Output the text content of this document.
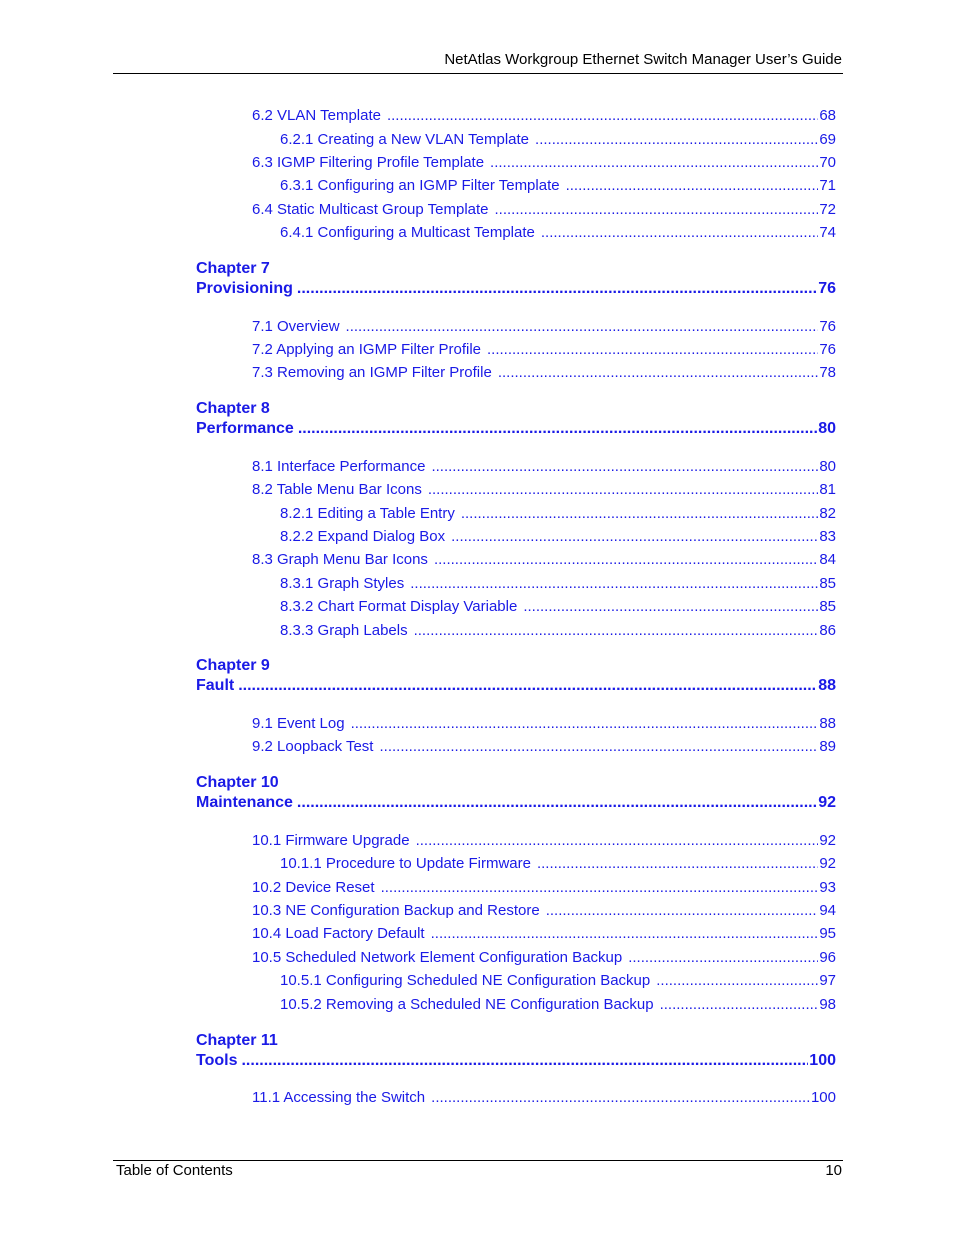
NetAtlas Workgroup Ethernet Switch Manager User’s Guide
6.2 VLAN Template .....	68
6.2.1 Creating a New VLAN Template .....	69
6.3 IGMP Filtering Profile Template .....	70
6.3.1 Configuring an IGMP Filter Template .....	71
6.4 Static Multicast Group Template .....	72
6.4.1 Configuring a Multicast Template .....	74
Chapter 7
Provisioning .....	76
7.1 Overview .....	76
7.2 Applying an IGMP Filter Profile .....	76
7.3 Removing an IGMP Filter Profile .....	78
Chapter 8
Performance .....	80
8.1 Interface Performance .....	80
8.2 Table Menu Bar Icons .....	81
8.2.1 Editing a Table Entry .....	82
8.2.2 Expand Dialog Box .....	83
8.3 Graph Menu Bar Icons .....	84
8.3.1 Graph Styles .....	85
8.3.2 Chart Format Display Variable .....	85
8.3.3 Graph Labels .....	86
Chapter 9
Fault .....	88
9.1 Event Log .....	88
9.2 Loopback Test .....	89
Chapter 10
Maintenance .....	92
10.1 Firmware Upgrade .....	92
10.1.1 Procedure to Update Firmware .....	92
10.2 Device Reset .....	93
10.3 NE Configuration Backup and Restore .....	94
10.4 Load Factory Default .....	95
10.5 Scheduled Network Element Configuration Backup .....	96
10.5.1 Configuring Scheduled NE Configuration Backup .....	97
10.5.2 Removing a Scheduled NE Configuration Backup .....	98
Chapter 11
Tools .....	100
11.1 Accessing the Switch .....	100
Table of Contents	10
